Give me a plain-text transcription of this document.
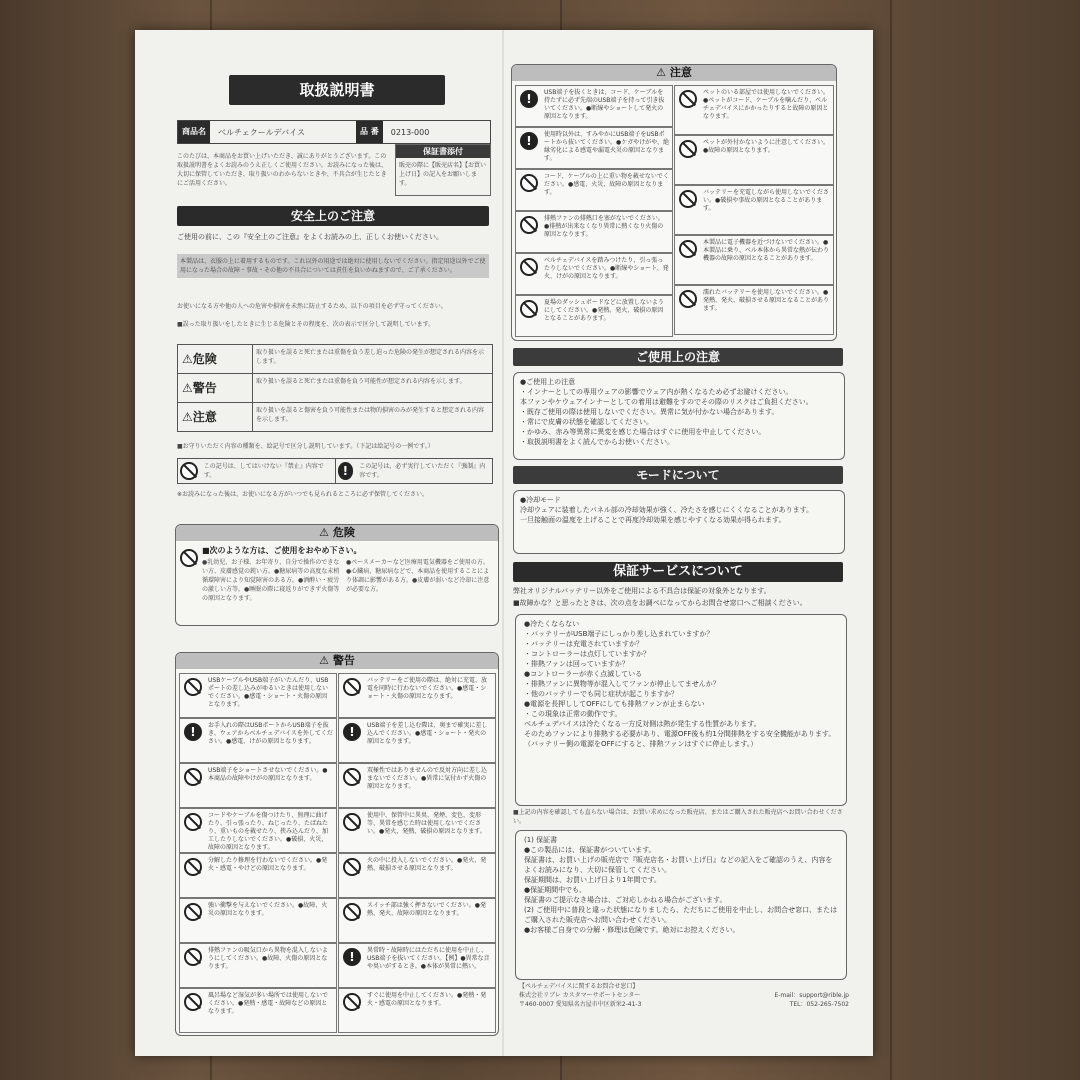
取扱説明書
商品名	ベルチェクールデバイス	品 番	0213-000
このたびは、本商品をお買い上げいただき、誠にありがとうございます。この取扱説明書をよくお読みのうえ正しくご使用ください。お読みになった後は、大切に保管していただき、取り扱いのわからないときや、不具合が生じたときにご活用ください。
保証書添付
販売の際に【販売店名】【お買い上げ日】の記入をお願いします。
安全上のご注意
ご使用の前に、この『安全上のご注意』をよくお読みの上、正しくお使いください。
本製品は、衣服の上に着用するものです。これ以外の用途では絶対に使用しないでください。指定用途以外でご使用になった場合の故障・事故・その他の不具合については責任を負いかねますので、ご了承ください。
お使いになる方や他の人への危害や損害を未然に防止するため、以下の項目を必ず守ってください。
■誤った取り扱いをしたときに生じる危険とその程度を、次の表示で区分して説明しています。
⚠危険	取り扱いを誤ると死亡または重傷を負う差し迫った危険の発生が想定される内容を示します。
⚠警告	取り扱いを誤ると死亡または重傷を負う可能性が想定される内容を示します。
⚠注意	取り扱いを誤ると傷害を負う可能性または物的損害のみが発生すると想定される内容を示します。
■お守りいただく内容の種類を、絵記号で区分し説明しています。（下記は絵記号の一例です。）
この記号は、してはいけない『禁止』内容です。	!	この記号は、必ず実行していただく『強制』内容です。
※お読みになった後は、お使いになる方がいつでも見られるところに必ず保管してください。
⚠ 危険
■次のような方は、ご使用をおやめ下さい。
●乳幼児、お子様、お年寄り、自分で操作のできない方、皮膚感覚の鈍い方。●糖尿病等の高度な末梢循環障害により知覚障害のある方。●酒酔い・疲労の激しい方等。●睡眠の際に寝返りができず火傷等の原因となります。
●ペースメーカーなど医療用電気機器をご使用の方。●心臓病、糖尿病などで、本商品を使用することにより体調に影響がある方。●皮膚が弱いなど冷却に注意が必要な方。
⚠ 警告
USBケーブルやUSB端子がいたんだり、USBポートの差し込みがゆるいときは使用しないでください。●感電・ショート・火傷の原因となります。
!	お手入れの際はUSBポートからUSB端子を抜き、ウェアからベルチェデバイスを外してください。●感電、けがの原因となります。
USB端子をショートさせないでください。●本商品の故障やけがの原因となります。
コードやケーブルを傷つけたり、無理に曲げたり、引っ張ったり、ねじったり、たばねたり、重いものを載せたり、挟み込んだり、加工したりしないでください。●破損、火災、故障の原因となります。
分解したり修理を行わないでください。●発火・感電・やけどの原因となります。
強い衝撃を与えないでください。●故障、火災の原因となります。
排熱ファンの吸気口から異物を混入しないようにしてください。●故障、火傷の原因となります。
風呂場など湿気が多い場所では使用しないでください。●発熱・感電・故障などの原因となります。
バッテリーをご使用の際は、絶対に充電、放電を同時に行わないでください。●感電・ショート・火傷の原因となります。
!	USB端子を差し込む際は、奥まで確実に差し込んでください。●感電・ショート・発火の原因となります。
双極性ではありませんので反対方向に差し込まないでください。●異常に気付かず火傷の原因となります。
使用中、保管中に異臭、発煙、変色、変形等、異常を感じた時は使用しないでください。●発火、発熱、破損の原因となります。
火の中に投入しないでください。●発火、発熱、破損させる原因となります。
スイッチ部は強く押さないでください。●発熱、発火、故障の原因となります。
!	異常時・故障時にはただちに使用を中止し、USB端子を抜いてください。【例】●異常な音や臭いがするとき。●本体が異常に熱い。
すぐに使用を中止してください。●発熱・発火・感電の原因となります。
⚠ 注意
!	USB端子を抜くときは、コード、ケーブルを持たずに必ず先端のUSB端子を持って引き抜いてください。●断線やショートして発火の原因となります。
!	使用時以外は、すみやかにUSB端子をUSBポートから抜いてください。●ケガやけがや、絶縁劣化による感電や漏電火災の原因となります。
コード、ケーブルの上に重い物を載せないでください。●感電、火災、故障の原因となります。
排熱ファンの排熱口を塞がないでください。●排熱が出来なくなり異常に熱くなり火傷の原因となります。
ベルチェデバイスを踏みつけたり、引っ張ったりしないでください。●断線やショート、発火、けがの原因となります。
夏場のダッシュボードなどに放置しないようにしてください。●発熱、発火、破損の原因となることがあります。
ペットのいる部屋では使用しないでください。●ペットがコード、ケーブルを噛んだり、ベルチェデバイスにかかったりすると故障の原因となります。
ペットが外付かないように注意してください。●故障の原因となります。
バッテリーを充電しながら使用しないでください。●破損や事故の原因となることがあります。
本製品に電子機器を近づけないでください。●本製品に乗り、ベル本体から異常な熱が伝わり機器の故障の原因となることがあります。
濡れたバッテリーを使用しないでください。●発熱、発火、破損させる原因となることがあります。
ご使用上の注意
●ご使用上の注意
・インナーとしての専用ウェアの影響でウェア内が熱くなるため必ずお避けください。
本ファンやケウェアインナーとしての着用は避難をすのでその際のリスクはご負担ください。
・既存ご使用の際は使用しないでください。異常に気が付かない場合があります。
・常にで皮膚の状態を確認してください。
・かゆみ、赤み等異常に異変を感じた場合はすぐに使用を中止してください。
・取扱説明書をよく読んでからお使いください。
モードについて
●冷却モード
冷却ウェアに装着したパネル部の冷却効果が強く、冷たさを感じにくくなることがあります。
一旦接触面の温度を上げることで再度冷却効果を感じやすくなる効果が得られます。
保証サービスについて
弊社オリジナルバッテリー以外をご使用による不具合は保証の対象外となります。
■故障かな？と思ったときは、次の点をお調べになってからお問合せ窓口へご相談ください。
●冷たくならない
・バッテリーがUSB端子にしっかり差し込まれていますか？
・バッテリーは充電されていますか？
・コントローラーは点灯していますか？
・排熱ファンは回っていますか？
●コントローラーが赤く点滅している
・排熱ファンに異物等が混入してファンが停止してませんか？
・他のバッテリーでも同じ症状が起こりますか？
●電源を長押ししてOFFにしても排熱ファンが止まらない
・この現象は正常の動作です。
ベルチェデバイスは冷たくなる一方反対側は熱が発生する性質があります。
そのためファンにより排熱する必要があり、電源OFF後も約1分間排熱をする安全機能があります。
（バッテリー側の電源をOFFにすると、排熱ファンはすぐに停止します。）
■上記の内容を確認しても直らない場合は、お買い求めになった販売店、またはご購入された販売店へお問い合わせください。
(1) 保証書
●この製品には、保証書がついています。
保証書は、お買い上げの販売店で『販売店名・お買い上げ日』などの記入をご確認のうえ、内容をよくお読みになり、大切に保管してください。
保証期間は、お買い上げ日より1年間です。
●保証期間中でも、
保証書のご提示なき場合は、ご対応しかねる場合がございます。
(2) ご使用中に普段と違った状態になりましたら、ただちにご使用を中止し、お問合せ窓口、またはご購入された販売店へお問い合わせください。
●お客様ご自身での分解・修理は危険です。絶対にお控えください。
【ペルチェデバイスに関するお問合せ窓口】
株式会社リブレ カスタマーサポートセンター	E-mail：support@rible.jp
〒460-0007 愛知県名古屋市中区新栄2-41-3	TEL：052-265-7502
